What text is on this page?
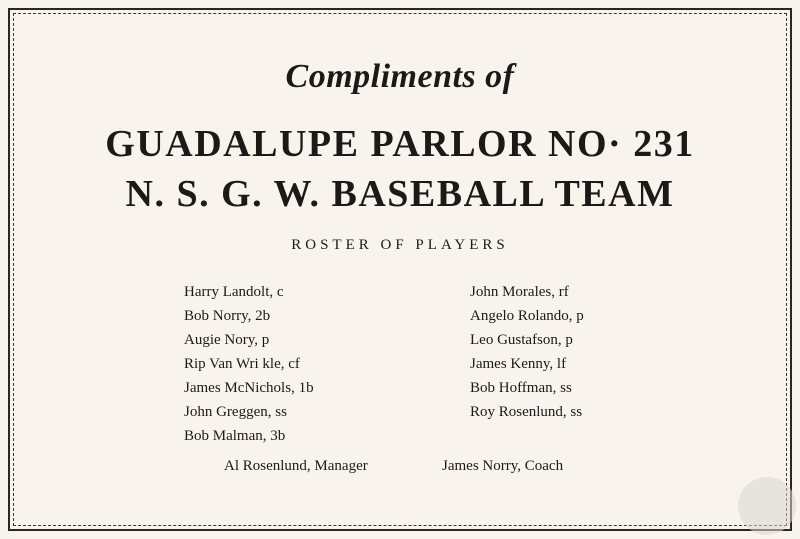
Compliments of
GUADALUPE PARLOR NO· 231
N. S. G. W. BASEBALL TEAM
ROSTER OF PLAYERS
Harry Landolt, c
Bob Norry, 2b
Augie Nory, p
Rip Van Wri kle, cf
James McNichols, 1b
John Greggen, ss
Bob Malman, 3b
John Morales, rf
Angelo Rolando, p
Leo Gustafson, p
James Kenny, lf
Bob Hoffman, ss
Roy Rosenlund, ss
Al Rosenlund, Manager	James Norry, Coach
